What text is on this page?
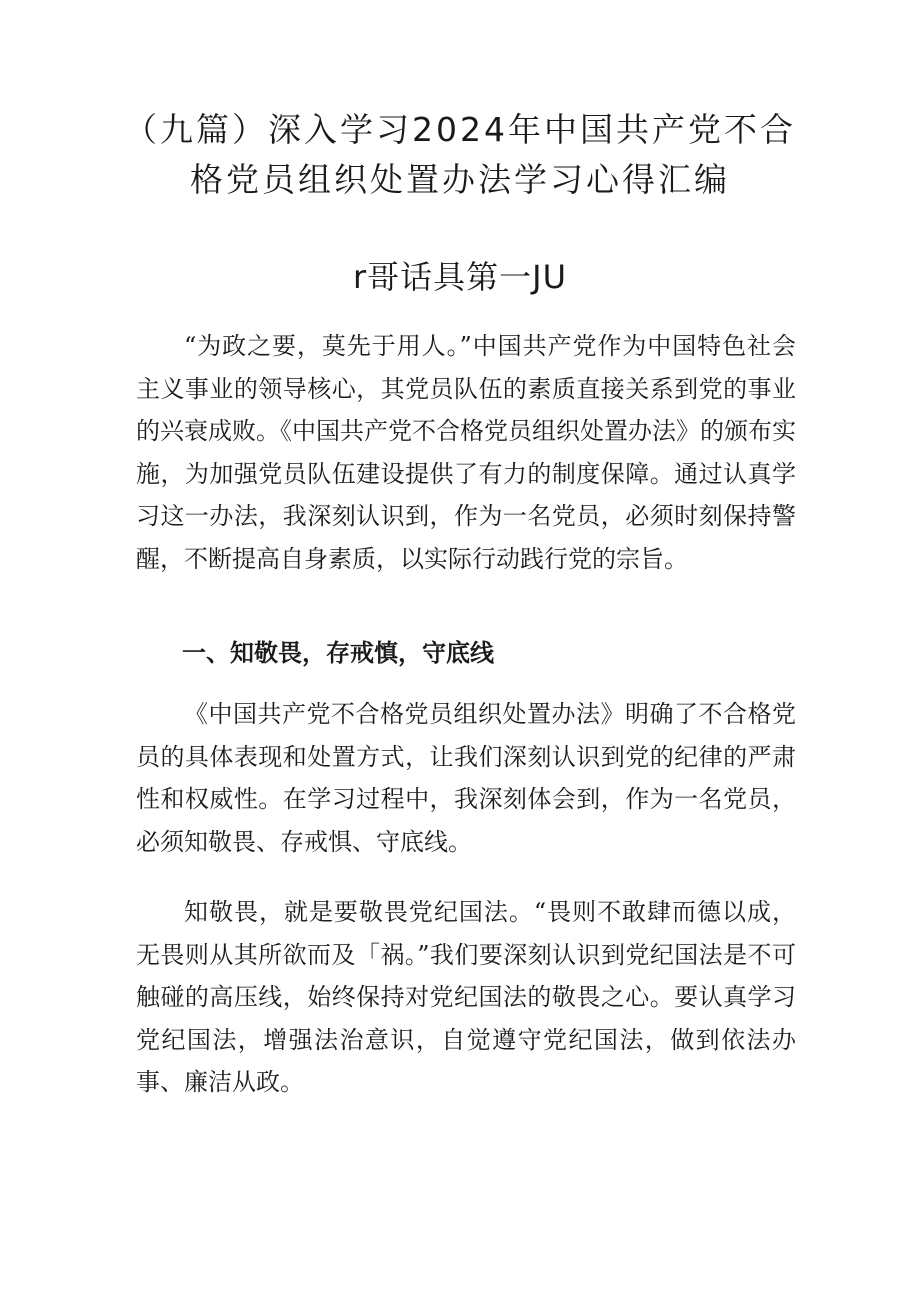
（九篇）深入学习2024年中国共产党不合
格党员组织处置办法学习心得汇编
r哥话具第一JU

“为政之要，莫先于用人。”中国共产党作为中国特色社会主义事业的领导核心，其党员队伍的素质直接关系到党的事业的兴衰成败。《中国共产党不合格党员组织处置办法》的颁布实施，为加强党员队伍建设提供了有力的制度保障。通过认真学习这一办法，我深刻认识到，作为一名党员，必须时刻保持警醒，不断提高自身素质，以实际行动践行党的宗旨。

一、知敬畏，存戒慎，守底线

《中国共产党不合格党员组织处置办法》明确了不合格党员的具体表现和处置方式，让我们深刻认识到党的纪律的严肃性和权威性。在学习过程中，我深刻体会到，作为一名党员，必须知敬畏、存戒惧、守底线。

知敬畏，就是要敬畏党纪国法。“畏则不敢肆而德以成，无畏则从其所欲而及「祸。”我们要深刻认识到党纪国法是不可触碰的高压线，始终保持对党纪国法的敬畏之心。要认真学习党纪国法，增强法治意识，自觉遵守党纪国法，做到依法办事、廉洁从政。
